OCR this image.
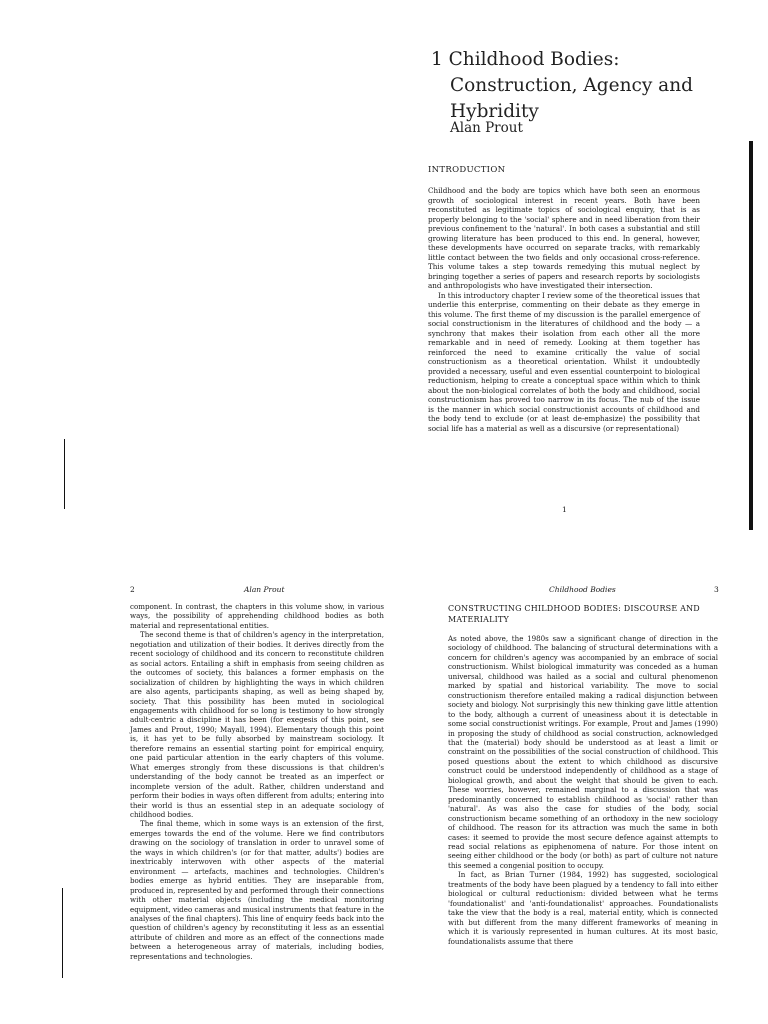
1 Childhood Bodies:
Construction, Agency and
Hybridity
Alan Prout
INTRODUCTION

Childhood and the body are topics which have both seen an enormous growth of sociological interest in recent years. Both have been reconstituted as legitimate topics of sociological enquiry, that is as properly belonging to the 'social' sphere and in need liberation from their previous confinement to the 'natural'. In both cases a substantial and still growing literature has been produced to this end. In general, however, these developments have occurred on separate tracks, with remarkably little contact between the two fields and only occasional cross-reference. This volume takes a step towards remedying this mutual neglect by bringing together a series of papers and research reports by sociologists and anthropologists who have investigated their intersection.

In this introductory chapter I review some of the theoretical issues that underlie this enterprise, commenting on their debate as they emerge in this volume. The first theme of my discussion is the parallel emergence of social constructionism in the literatures of childhood and the body — a synchrony that makes their isolation from each other all the more remarkable and in need of remedy. Looking at them together has reinforced the need to examine critically the value of social constructionism as a theoretical orientation. Whilst it undoubtedly provided a necessary, useful and even essential counterpoint to biological reductionism, helping to create a conceptual space within which to think about the non-biological correlates of both the body and childhood, social constructionism has proved too narrow in its focus. The nub of the issue is the manner in which social constructionist accounts of childhood and the body tend to exclude (or at least de-emphasize) the possibility that social life has a material as well as a discursive (or representational)

1
2	Alan Prout

component. In contrast, the chapters in this volume show, in various ways, the possibility of apprehending childhood bodies as both material and representational entities.

The second theme is that of children's agency in the interpretation, negotiation and utilization of their bodies. It derives directly from the recent sociology of childhood and its concern to reconstitute children as social actors. Entailing a shift in emphasis from seeing children as the outcomes of society, this balances a former emphasis on the socialization of children by highlighting the ways in which children are also agents, participants shaping, as well as being shaped by, society. That this possibility has been muted in sociological engagements with childhood for so long is testimony to how strongly adult-centric a discipline it has been (for exegesis of this point, see James and Prout, 1990; Mayall, 1994). Elementary though this point is, it has yet to be fully absorbed by mainstream sociology. It therefore remains an essential starting point for empirical enquiry, one paid particular attention in the early chapters of this volume. What emerges strongly from these discussions is that children's understanding of the body cannot be treated as an imperfect or incomplete version of the adult. Rather, children understand and perform their bodies in ways often different from adults; entering into their world is thus an essential step in an adequate sociology of childhood bodies.

The final theme, which in some ways is an extension of the first, emerges towards the end of the volume. Here we find contributors drawing on the sociology of translation in order to unravel some of the ways in which children's (or for that matter, adults') bodies are inextricably interwoven with other aspects of the material environment — artefacts, machines and technologies. Children's bodies emerge as hybrid entities. They are inseparable from, produced in, represented by and performed through their connections with other material objects (including the medical monitoring equipment, video cameras and musical instruments that feature in the analyses of the final chapters). This line of enquiry feeds back into the question of children's agency by reconstituting it less as an essential attribute of children and more as an effect of the connections made between a heterogeneous array of materials, including bodies, representations and technologies.

Childhood Bodies	3
CONSTRUCTING CHILDHOOD BODIES: DISCOURSE AND MATERIALITY

As noted above, the 1980s saw a significant change of direction in the sociology of childhood. The balancing of structural determinations with a concern for children's agency was accompanied by an embrace of social constructionism. Whilst biological immaturity was conceded as a human universal, childhood was hailed as a social and cultural phenomenon marked by spatial and historical variability. The move to social constructionism therefore entailed making a radical disjunction between society and biology. Not surprisingly this new thinking gave little attention to the body, although a current of uneasiness about it is detectable in some social constructionist writings. For example, Prout and James (1990) in proposing the study of childhood as social construction, acknowledged that the (material) body should be understood as at least a limit or constraint on the possibilities of the social construction of childhood. This posed questions about the extent to which childhood as discursive construct could be understood independently of childhood as a stage of biological growth, and about the weight that should be given to each. These worries, however, remained marginal to a discussion that was predominantly concerned to establish childhood as 'social' rather than 'natural'. As was also the case for studies of the body, social constructionism became something of an orthodoxy in the new sociology of childhood. The reason for its attraction was much the same in both cases: it seemed to provide the most secure defence against attempts to read social relations as epiphenomena of nature. For those intent on seeing either childhood or the body (or both) as part of culture not nature this seemed a congenial position to occupy.

In fact, as Brian Turner (1984, 1992) has suggested, sociological treatments of the body have been plagued by a tendency to fall into either biological or cultural reductionism: divided between what he terms 'foundationalist' and 'anti-foundationalist' approaches. Foundationalists take the view that the body is a real, material entity, which is connected with but different from the many different frameworks of meaning in which it is variously represented in human cultures. At its most basic, foundationalists assume that there
